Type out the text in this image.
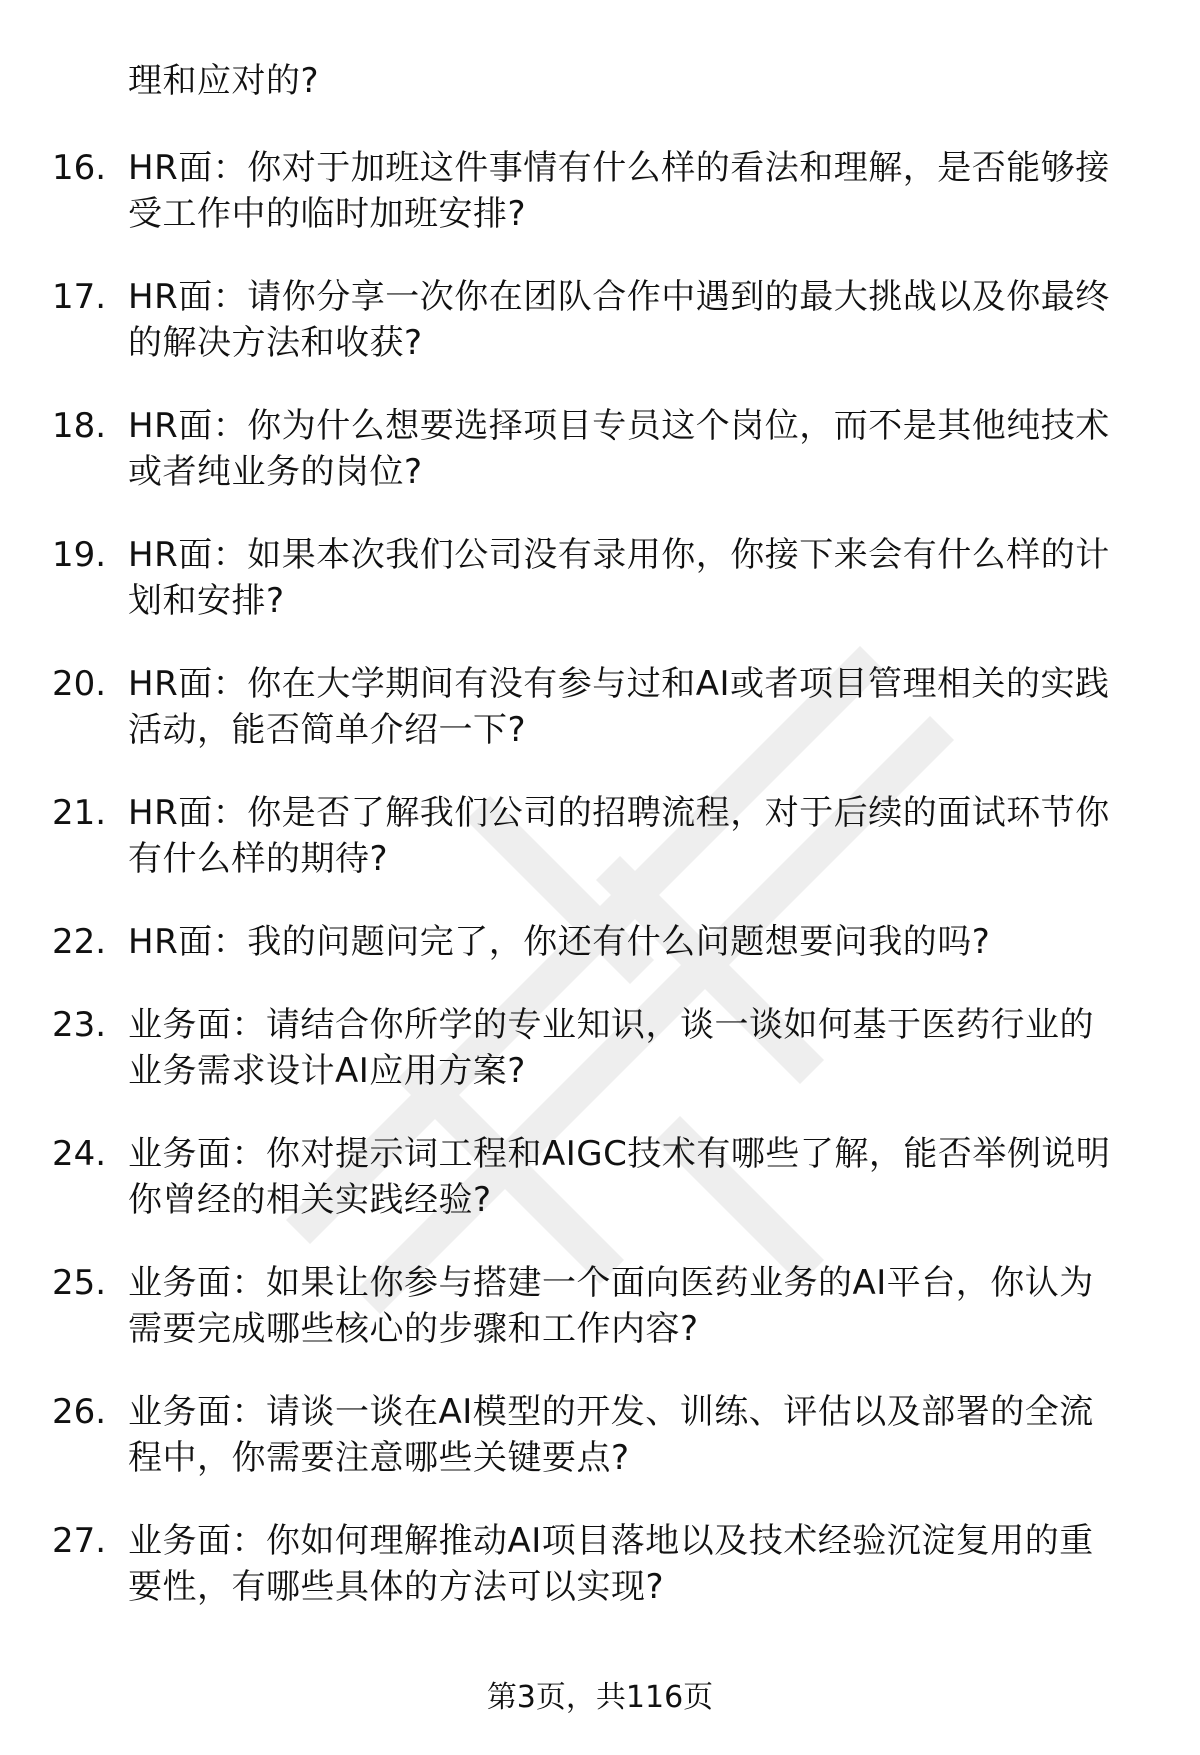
理和应对的?
16. HR面：你对于加班这件事情有什么样的看法和理解，是否能够接
受工作中的临时加班安排?
17. HR面：请你分享一次你在团队合作中遇到的最大挑战以及你最终
的解决方法和收获?
18. HR面：你为什么想要选择项目专员这个岗位，而不是其他纯技术
或者纯业务的岗位?
19. HR面：如果本次我们公司没有录用你，你接下来会有什么样的计
划和安排?
20. HR面：你在大学期间有没有参与过和AI或者项目管理相关的实践
活动，能否简单介绍一下?
21. HR面：你是否了解我们公司的招聘流程，对于后续的面试环节你
有什么样的期待?
22. HR面：我的问题问完了，你还有什么问题想要问我的吗?
23. 业务面：请结合你所学的专业知识，谈一谈如何基于医药行业的
业务需求设计AI应用方案?
24. 业务面：你对提示词工程和AIGC技术有哪些了解，能否举例说明
你曾经的相关实践经验?
25. 业务面：如果让你参与搭建一个面向医药业务的AI平台，你认为
需要完成哪些核心的步骤和工作内容?
26. 业务面：请谈一谈在AI模型的开发、训练、评估以及部署的全流
程中，你需要注意哪些关键要点?
27. 业务面：你如何理解推动AI项目落地以及技术经验沉淀复用的重
要性，有哪些具体的方法可以实现?
第3页，共116页
